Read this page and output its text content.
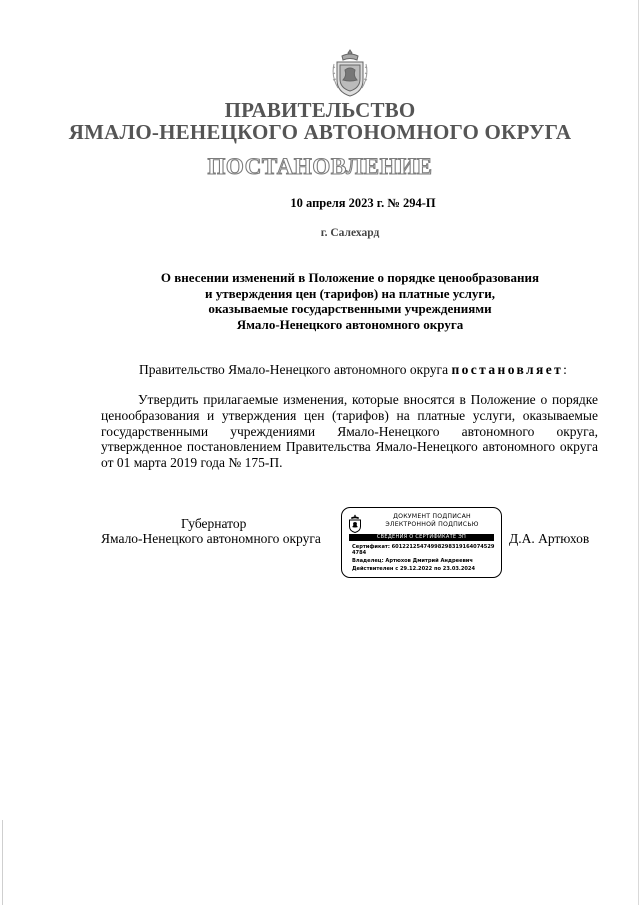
ПРАВИТЕЛЬСТВО
ЯМАЛО-НЕНЕЦКОГО АВТОНОМНОГО ОКРУГА
ПОСТАНОВЛЕНИЕ
10 апреля 2023 г. № 294-П
г. Салехард
О внесении изменений в Положение о порядке ценообразования
и утверждения цен (тарифов) на платные услуги,
оказываемые государственными учреждениями
Ямало-Ненецкого автономного округа
Правительство Ямало-Ненецкого автономного округа постановляет:

Утвердить прилагаемые изменения, которые вносятся в Положение о порядке ценообразования и утверждения цен (тарифов) на платные услуги, оказываемые государственными учреждениями Ямало-Ненецкого автономного округа, утвержденное постановлением Правительства Ямало-Ненецкого автономного округа от 01 марта 2019 года № 175-П.

Губернатор
Ямало-Ненецкого автономного округа	Д.А. Артюхов
ДОКУМЕНТ ПОДПИСАН
ЭЛЕКТРОННОЙ ПОДПИСЬЮ
СВЕДЕНИЯ О СЕРТИФИКАТЕ ЭП
Сертификат: 60122125474998298319164074529
4784
Владелец: Артюхов Дмитрий Андреевич
Действителен с 29.12.2022 по 23.03.2024
